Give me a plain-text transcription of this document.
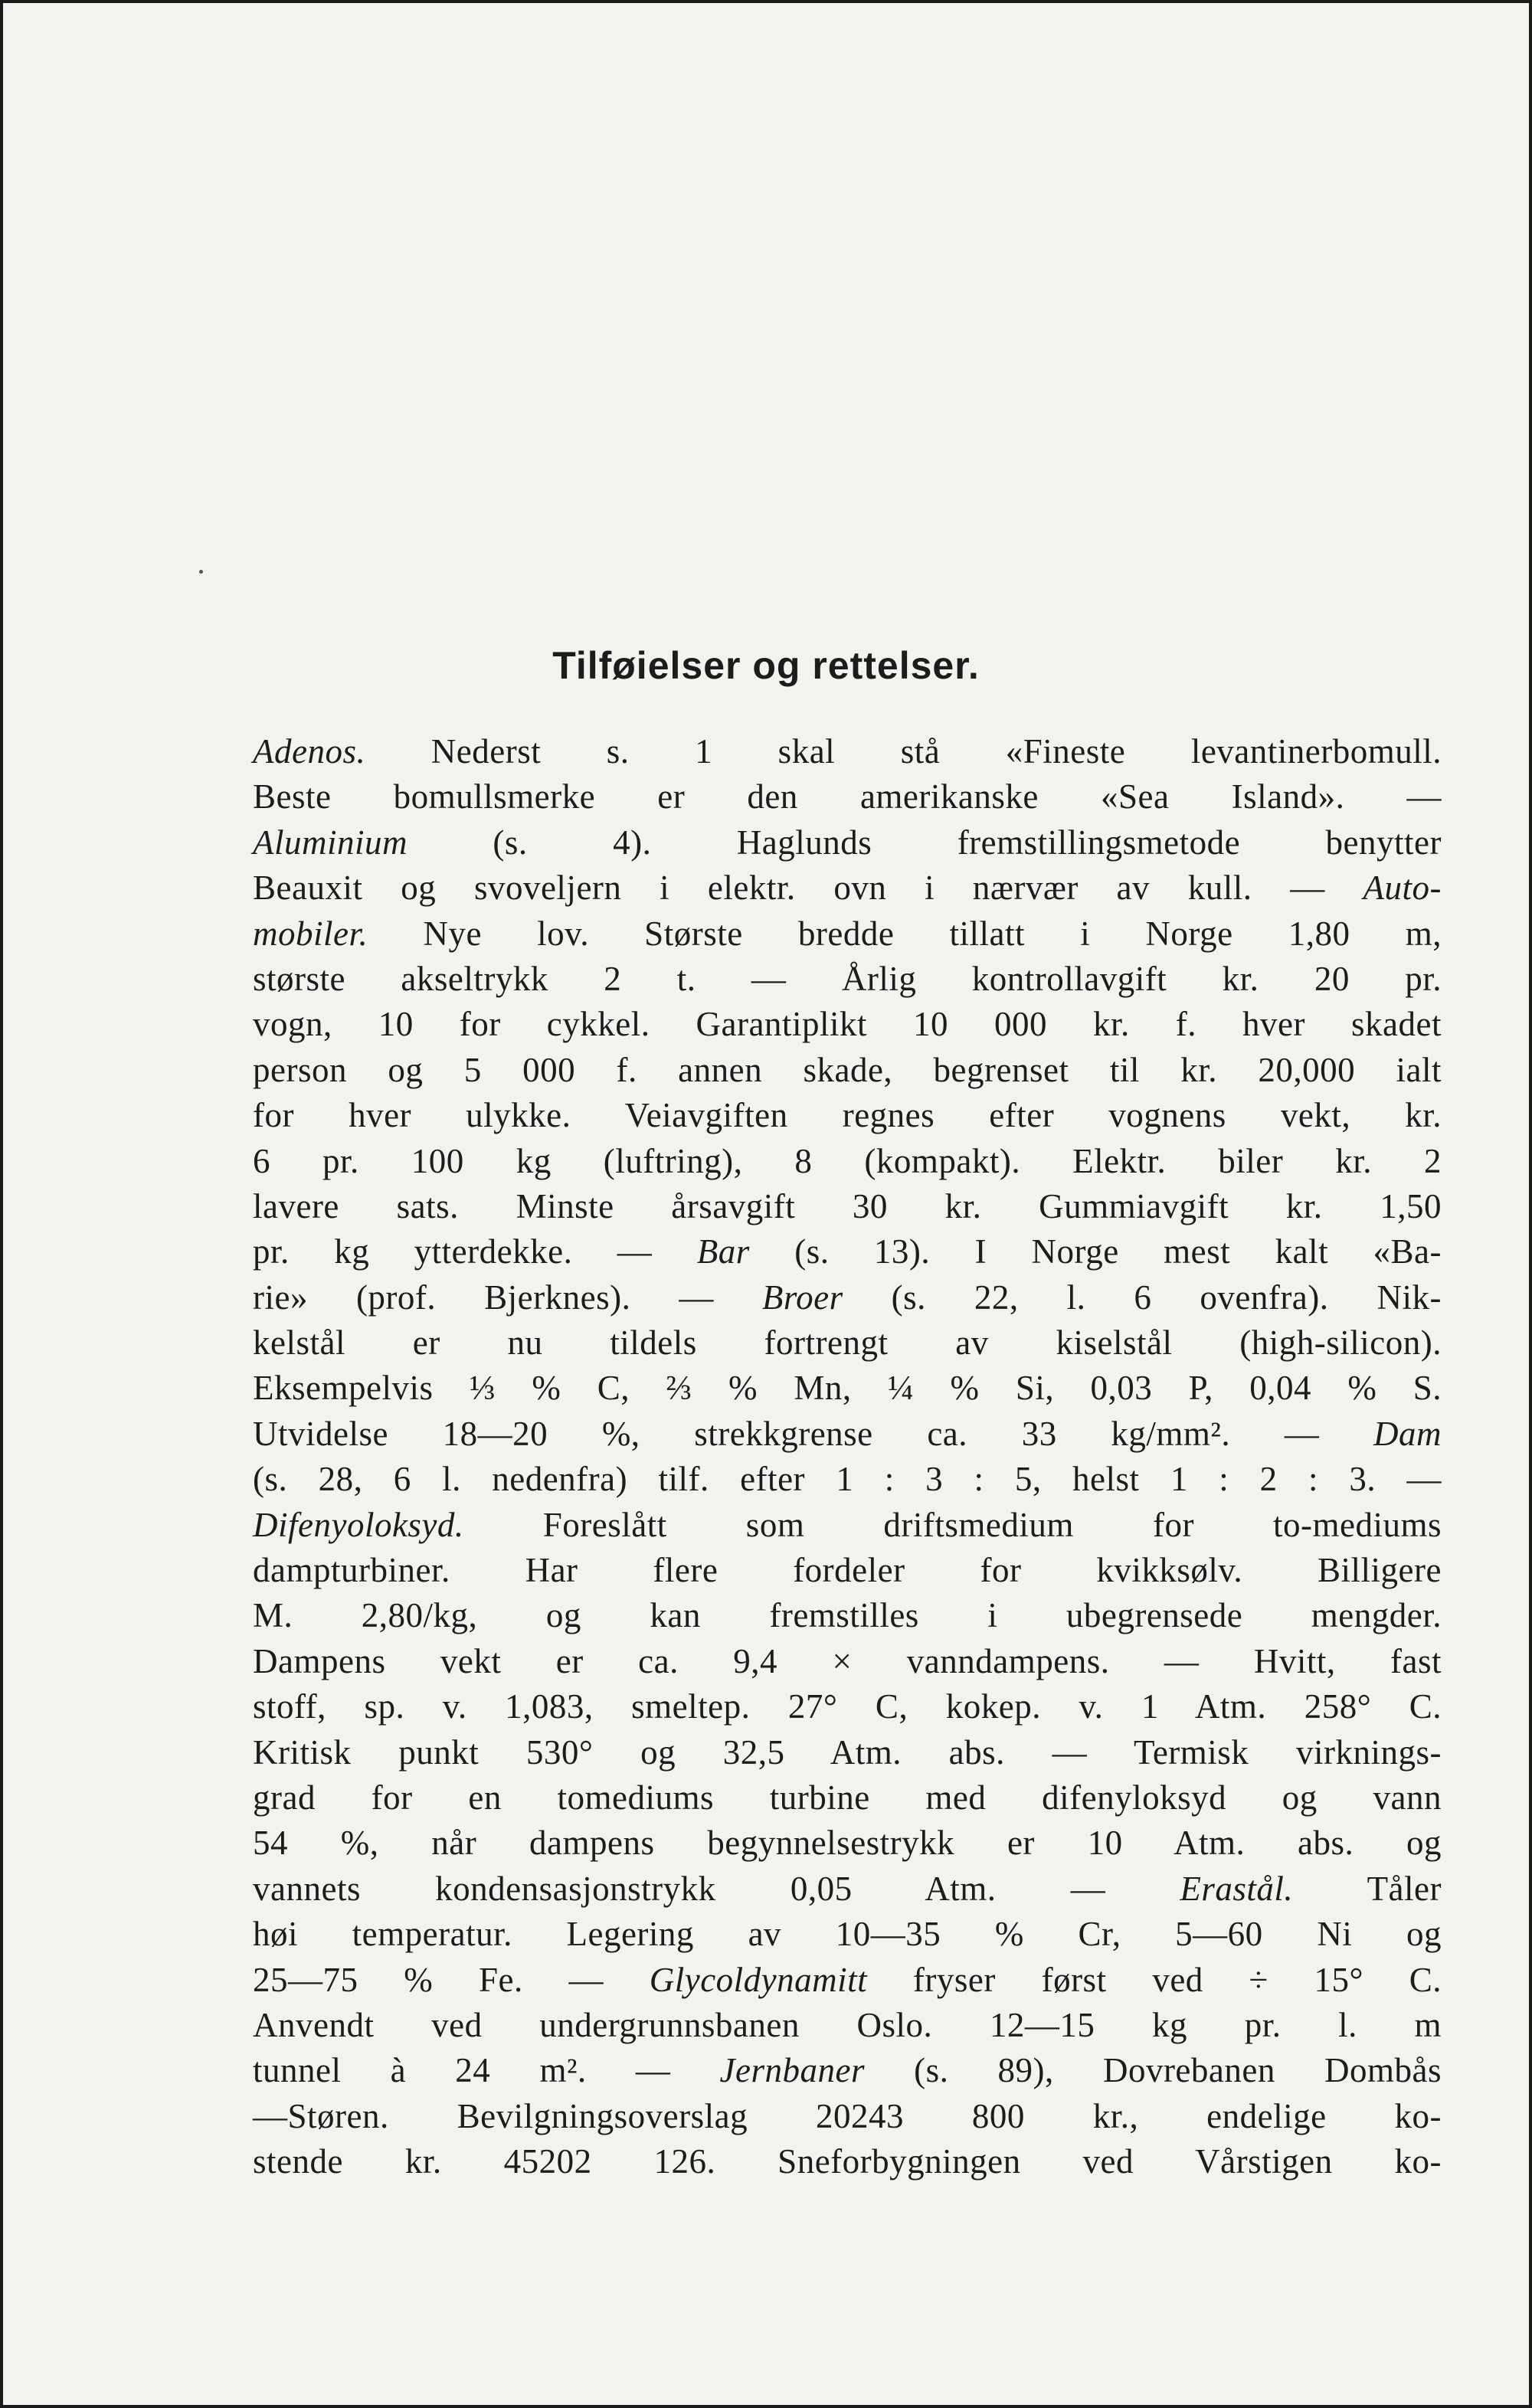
Tilføielser og rettelser.
Adenos. Nederst s. 1 skal stå «Fineste levantinerbomull.
Beste bomullsmerke er den amerikanske «Sea Island». —
Aluminium (s. 4). Haglunds fremstillingsmetode benytter
Beauxit og svoveljern i elektr. ovn i nærvær av kull. — Auto-
mobiler. Nye lov. Største bredde tillatt i Norge 1,80 m,
største akseltrykk 2 t. — Årlig kontrollavgift kr. 20 pr.
vogn, 10 for cykkel. Garantiplikt 10 000 kr. f. hver skadet
person og 5 000 f. annen skade, begrenset til kr. 20,000 ialt
for hver ulykke. Veiavgiften regnes efter vognens vekt, kr.
6 pr. 100 kg (luftring), 8 (kompakt). Elektr. biler kr. 2
lavere sats. Minste årsavgift 30 kr. Gummiavgift kr. 1,50
pr. kg ytterdekke. — Bar (s. 13). I Norge mest kalt «Ba-
rie» (prof. Bjerknes). — Broer (s. 22, l. 6 ovenfra). Nik-
kelstål er nu tildels fortrengt av kiselstål (high-silicon).
Eksempelvis ⅓ % C, ⅔ % Mn, ¼ % Si, 0,03 P, 0,04 % S.
Utvidelse 18—20 %, strekkgrense ca. 33 kg/mm². — Dam
(s. 28, 6 l. nedenfra) tilf. efter 1 : 3 : 5, helst 1 : 2 : 3. —
Difenyoloksyd. Foreslått som driftsmedium for to-mediums
dampturbiner. Har flere fordeler for kvikksølv. Billigere
M. 2,80/kg, og kan fremstilles i ubegrensede mengder.
Dampens vekt er ca. 9,4 × vanndampens. — Hvitt, fast
stoff, sp. v. 1,083, smeltep. 27° C, kokep. v. 1 Atm. 258° C.
Kritisk punkt 530° og 32,5 Atm. abs. — Termisk virknings-
grad for en tomediums turbine med difenyloksyd og vann
54 %, når dampens begynnelsestrykk er 10 Atm. abs. og
vannets kondensasjonstrykk 0,05 Atm. — Erastål. Tåler
høi temperatur. Legering av 10—35 % Cr, 5—60 Ni og
25—75 % Fe. — Glycoldynamitt fryser først ved ÷ 15° C.
Anvendt ved undergrunnsbanen Oslo. 12—15 kg pr. l. m
tunnel à 24 m². — Jernbaner (s. 89), Dovrebanen Dombås
—Støren. Bevilgningsoverslag 20243 800 kr., endelige ko-
stende kr. 45202 126. Sneforbygningen ved Vårstigen ko-
